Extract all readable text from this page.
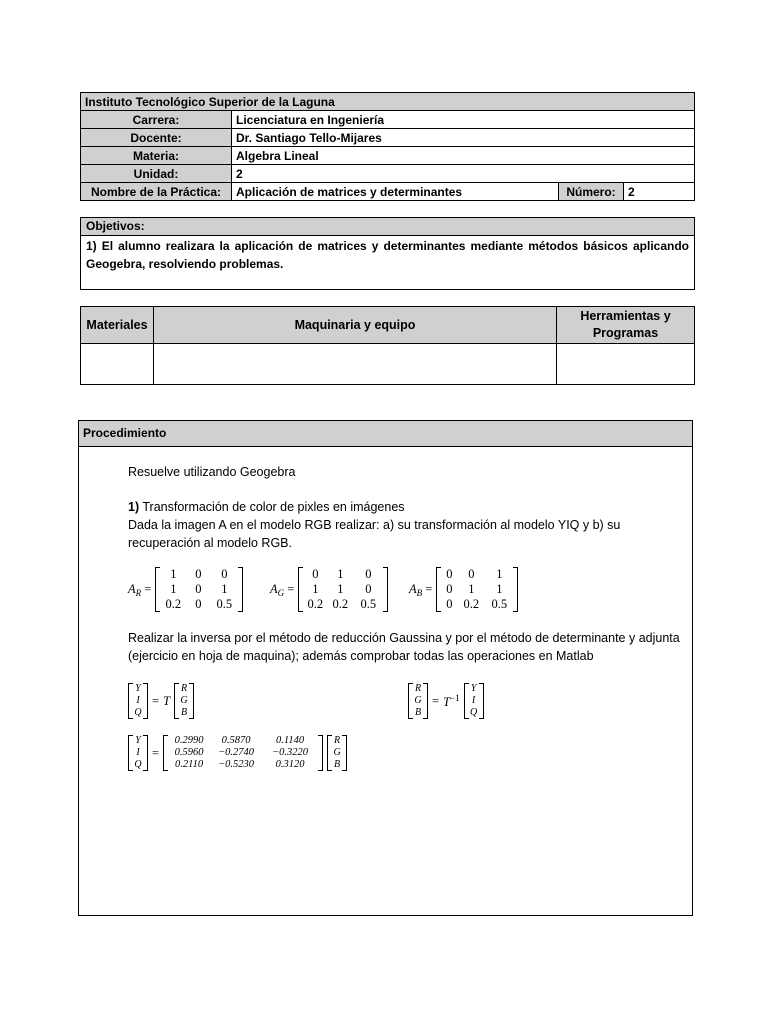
Instituto Tecnológico Superior de la Laguna			
Carrera:	Licenciatura en Ingeniería		
Docente:	Dr. Santiago Tello-Mijares		
Materia:	Algebra Lineal		
Unidad:	2		
Nombre de la Práctica:	Aplicación de matrices y determinantes	Número:	2
Objetivos:
1) El alumno realizara la aplicación de matrices y determinantes mediante métodos básicos aplicando Geogebra, resolviendo problemas.
Materiales	Maquinaria y equipo	Herramientas y Programas

Procedimiento
Resuelve utilizando Geogebra
1) Transformación de color de pixles en imágenes
Dada la imagen A en el modelo RGB realizar: a) su transformación al modelo YIQ y b) su recuperación al modelo RGB.
$A_R$ =
1	0	0
1	0	1
0.2	0	0.5
$A_G$ =
0	1	0
1	1	0
0.2 0.2 0.5
$A_B$ =
0	0	1
0	1	1
0 0.2 0.5
Realizar la inversa por el método de reducción Gaussina y por el método de determinante y adjunta (ejercicio en hoja de maquina); además comprobar todas las operaciones en Matlab
Y
I
Q
= T
R
G
B
R
G
B
= $T^{-1}$
Y
I
Q
Y
I
Q
=
0.2990	0.5870	0.1140
0.5960	−0.2740	−0.3220
0.2110	−0.5230	0.3120
R
G
B
